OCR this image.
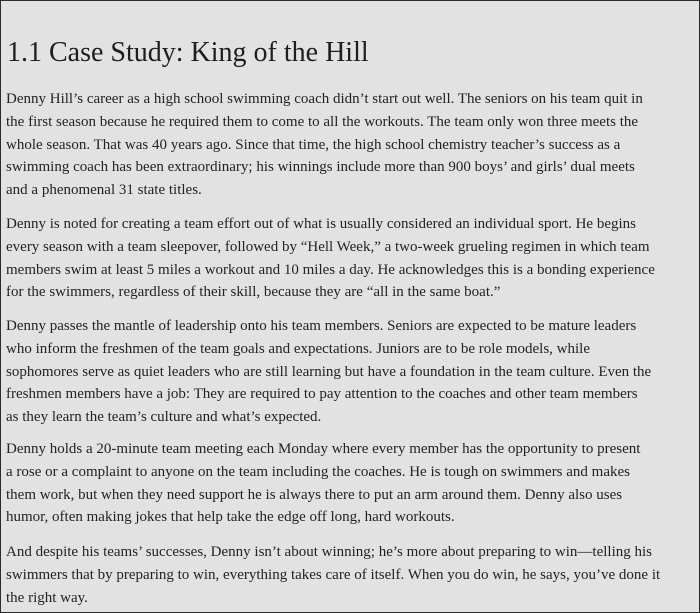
1.1 Case Study: King of the Hill

Denny Hill’s career as a high school swimming coach didn’t start out well. The seniors on his team quit in
the first season because he required them to come to all the workouts. The team only won three meets the
whole season. That was 40 years ago. Since that time, the high school chemistry teacher’s success as a
swimming coach has been extraordinary; his winnings include more than 900 boys’ and girls’ dual meets
and a phenomenal 31 state titles.

Denny is noted for creating a team effort out of what is usually considered an individual sport. He begins
every season with a team sleepover, followed by “Hell Week,” a two-week grueling regimen in which team
members swim at least 5 miles a workout and 10 miles a day. He acknowledges this is a bonding experience
for the swimmers, regardless of their skill, because they are “all in the same boat.”

Denny passes the mantle of leadership onto his team members. Seniors are expected to be mature leaders
who inform the freshmen of the team goals and expectations. Juniors are to be role models, while
sophomores serve as quiet leaders who are still learning but have a foundation in the team culture. Even the
freshmen members have a job: They are required to pay attention to the coaches and other team members
as they learn the team’s culture and what’s expected.

Denny holds a 20-minute team meeting each Monday where every member has the opportunity to present
a rose or a complaint to anyone on the team including the coaches. He is tough on swimmers and makes
them work, but when they need support he is always there to put an arm around them. Denny also uses
humor, often making jokes that help take the edge off long, hard workouts.

And despite his teams’ successes, Denny isn’t about winning; he’s more about preparing to win—telling his
swimmers that by preparing to win, everything takes care of itself. When you do win, he says, you’ve done it
the right way.
